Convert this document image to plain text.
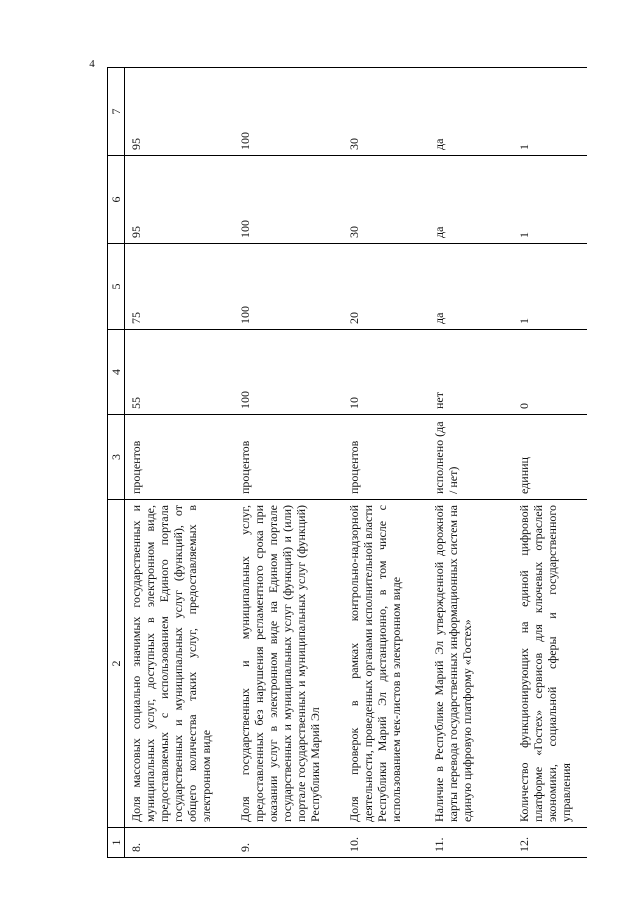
4
1	2	3	4	5	6	7
8.	Доля массовых социально значимых государственных и муниципальных услуг, доступных в электронном виде, предоставляемых с использованием Единого портала государственных и муниципальных услуг (функций), от общего количества таких услуг, предоставляемых в электронном виде	процентов	55	75	95	95
9.	Доля государственных и муниципальных услуг, предоставленных без нарушения регламентного срока при оказании услуг в электронном виде на Едином портале государственных и муниципальных услуг (функций) и (или) портале государственных и муниципальных услуг (функций) Республики Марий Эл	процентов	100	100	100	100
10.	Доля проверок в рамках контрольно-надзорной деятельности, проведенных органами исполнительной власти Республики Марий Эл дистанционно, в том числе с использованием чек-листов в электронном виде	процентов	10	20	30	30
11.	Наличие в Республике Марий Эл утвержденной дорожной карты перевода государственных информационных систем на единую цифровую платформу «Гостех»	исполнено (да / нет)	нет	да	да	да
12.	Количество функционирующих на единой цифровой платформе «Гостех» сервисов для ключевых отраслей экономики, социальной сферы и государственного управления	единиц	0	1	1	1
